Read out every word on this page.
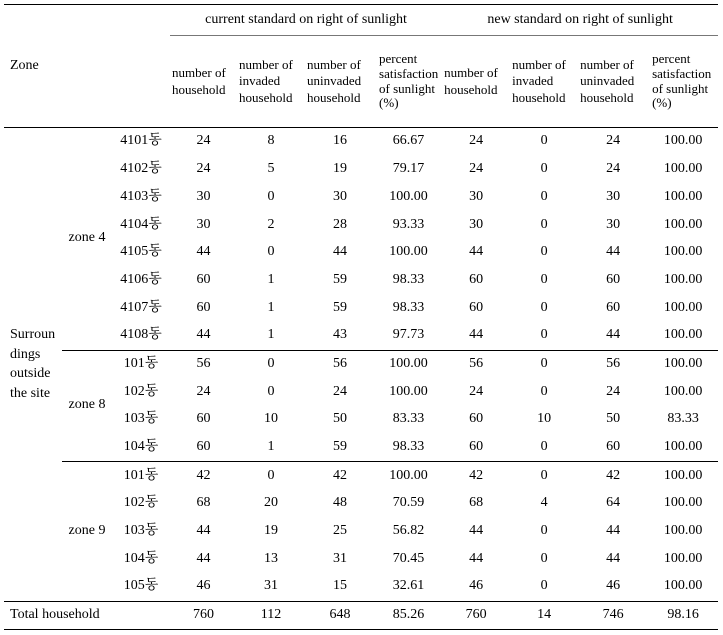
Zone			current standard on right of sunlight				new standard on right of sunlight			

			number of
household	number of
invaded
household	number of
uninvaded
household	percent
satisfaction
of sunlight
(%)	number of
household	number of
invaded
household	number of
uninvaded
household	percent
satisfaction
of sunlight
(%)

Surroun
dings
outside
the site	zone 4	4101동	24	8	16	66.67	24	0	24	100.00
		4102동	24	5	19	79.17	24	0	24	100.00
		4103동	30	0	30	100.00	30	0	30	100.00
		4104동	30	2	28	93.33	30	0	30	100.00
		4105동	44	0	44	100.00	44	0	44	100.00
		4106동	60	1	59	98.33	60	0	60	100.00
		4107동	60	1	59	98.33	60	0	60	100.00
		4108동	44	1	43	97.73	44	0	44	100.00
	zone 8	101동	56	0	56	100.00	56	0	56	100.00
		102동	24	0	24	100.00	24	0	24	100.00
		103동	60	10	50	83.33	60	10	50	83.33
		104동	60	1	59	98.33	60	0	60	100.00
	zone 9	101동	42	0	42	100.00	42	0	42	100.00
		102동	68	20	48	70.59	68	4	64	100.00
		103동	44	19	25	56.82	44	0	44	100.00
		104동	44	13	31	70.45	44	0	44	100.00
		105동	46	31	15	32.61	46	0	46	100.00
Total household			760	112	648	85.26	760	14	746	98.16
